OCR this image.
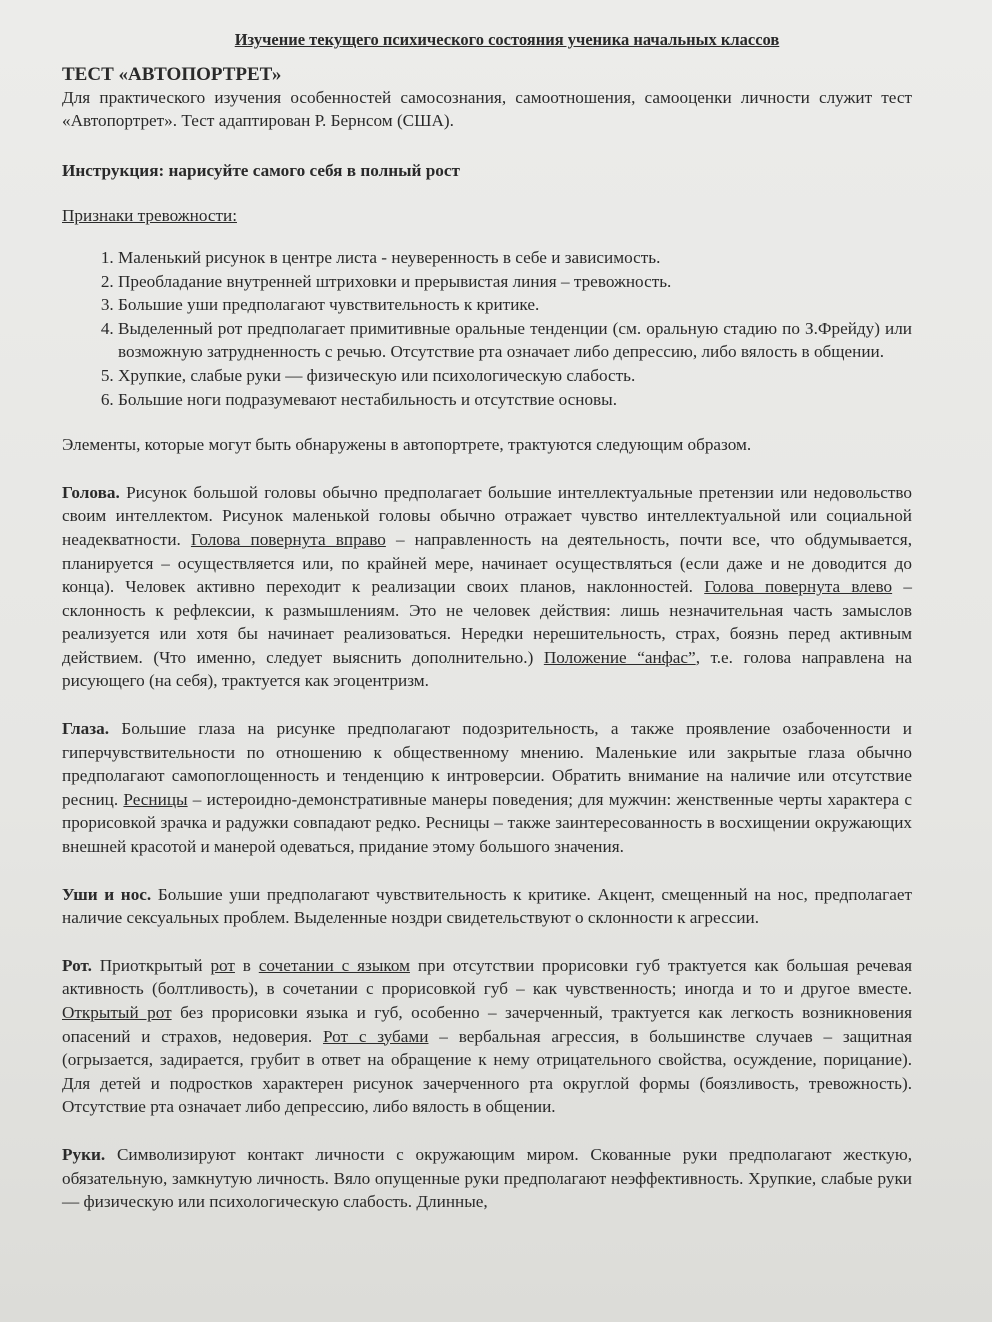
Изучение текущего психического состояния ученика начальных классов
ТЕСТ «АВТОПОРТРЕТ»

Для практического изучения особенностей самосознания, самоотношения, самооценки личности служит тест «Автопортрет». Тест адаптирован Р. Бернсом (США).

Инструкция: нарисуйте самого себя в полный рост

Признаки тревожности:

1. Маленький рисунок в центре листа - неуверенность в себе и зависимость.
2. Преобладание внутренней штриховки и прерывистая линия – тревожность.
3. Большие уши предполагают чувствительность к критике.
4. Выделенный рот предполагает примитивные оральные тенденции (см. оральную стадию по З.Фрейду) или возможную затрудненность с речью. Отсутствие рта означает либо депрессию, либо вялость в общении.
5. Хрупкие, слабые руки — физическую или психологическую слабость.
6. Большие ноги подразумевают нестабильность и отсутствие основы.

Элементы, которые могут быть обнаружены в автопортрете, трактуются следующим образом.

Голова. Рисунок большой головы обычно предполагает большие интеллектуальные претензии или недовольство своим интеллектом. Рисунок маленькой головы обычно отражает чувство интеллектуальной или социальной неадекватности. Голова повернута вправо – направленность на деятельность, почти все, что обдумывается, планируется – осуществляется или, по крайней мере, начинает осуществляться (если даже и не доводится до конца). Человек активно переходит к реализации своих планов, наклонностей. Голова повернута влево – склонность к рефлексии, к размышлениям. Это не человек действия: лишь незначительная часть замыслов реализуется или хотя бы начинает реализоваться. Нередки нерешительность, страх, боязнь перед активным действием. (Что именно, следует выяснить дополнительно.) Положение “анфас”, т.е. голова направлена на рисующего (на себя), трактуется как эгоцентризм.

Глаза. Большие глаза на рисунке предполагают подозрительность, а также проявление озабоченности и гиперчувствительности по отношению к общественному мнению. Маленькие или закрытые глаза обычно предполагают самопоглощенность и тенденцию к интроверсии. Обратить внимание на наличие или отсутствие ресниц. Ресницы – истероидно-демонстративные манеры поведения; для мужчин: женственные черты характера с прорисовкой зрачка и радужки совпадают редко. Ресницы – также заинтересованность в восхищении окружающих внешней красотой и манерой одеваться, придание этому большого значения.

Уши и нос. Большие уши предполагают чувствительность к критике. Акцент, смещенный на нос, предполагает наличие сексуальных проблем. Выделенные ноздри свидетельствуют о склонности к агрессии.

Рот. Приоткрытый рот в сочетании с языком при отсутствии прорисовки губ трактуется как большая речевая активность (болтливость), в сочетании с прорисовкой губ – как чувственность; иногда и то и другое вместе. Открытый рот без прорисовки языка и губ, особенно – зачерченный, трактуется как легкость возникновения опасений и страхов, недоверия. Рот с зубами – вербальная агрессия, в большинстве случаев – защитная (огрызается, задирается, грубит в ответ на обращение к нему отрицательного свойства, осуждение, порицание). Для детей и подростков характерен рисунок зачерченного рта округлой формы (боязливость, тревожность). Отсутствие рта означает либо депрессию, либо вялость в общении.

Руки. Символизируют контакт личности с окружающим миром. Скованные руки предполагают жесткую, обязательную, замкнутую личность. Вяло опущенные руки предполагают неэффективность. Хрупкие, слабые руки — физическую или психологическую слабость. Длинные,
